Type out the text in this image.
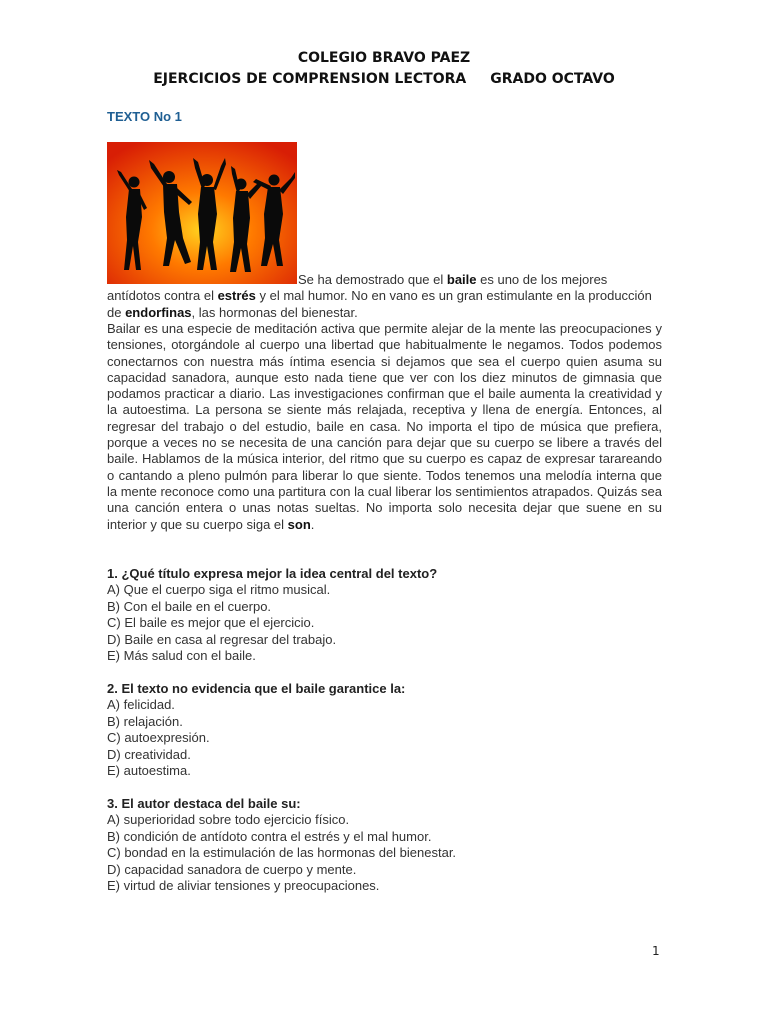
COLEGIO BRAVO PAEZ
EJERCICIOS DE COMPRENSION LECTORA GRADO OCTAVO
TEXTO No 1
Se ha demostrado que el baile es uno de los mejores antídotos contra el estrés y el mal humor. No en vano es un gran estimulante en la producción de endorfinas, las hormonas del bienestar.
Bailar es una especie de meditación activa que permite alejar de la mente las preocupaciones y tensiones, otorgándole al cuerpo una libertad que habitualmente le negamos. Todos podemos conectarnos con nuestra más íntima esencia si dejamos que sea el cuerpo quien asuma su capacidad sanadora, aunque esto nada tiene que ver con los diez minutos de gimnasia que podamos practicar a diario. Las investigaciones confirman que el baile aumenta la creatividad y la autoestima. La persona se siente más relajada, receptiva y llena de energía. Entonces, al regresar del trabajo o del estudio, baile en casa. No importa el tipo de música que prefiera, porque a veces no se necesita de una canción para dejar que su cuerpo se libere a través del baile. Hablamos de la música interior, del ritmo que su cuerpo es capaz de expresar tarareando o cantando a pleno pulmón para liberar lo que siente. Todos tenemos una melodía interna que la mente reconoce como una partitura con la cual liberar los sentimientos atrapados. Quizás sea una canción entera o unas notas sueltas. No importa solo necesita dejar que suene en su interior y que su cuerpo siga el son.
1. ¿Qué título expresa mejor la idea central del texto?
A) Que el cuerpo siga el ritmo musical.
B) Con el baile en el cuerpo.
C) El baile es mejor que el ejercicio.
D) Baile en casa al regresar del trabajo.
E) Más salud con el baile.
2. El texto no evidencia que el baile garantice la:
A) felicidad.
B) relajación.
C) autoexpresión.
D) creatividad.
E) autoestima.
3. El autor destaca del baile su:
A) superioridad sobre todo ejercicio físico.
B) condición de antídoto contra el estrés y el mal humor.
C) bondad en la estimulación de las hormonas del bienestar.
D) capacidad sanadora de cuerpo y mente.
E) virtud de aliviar tensiones y preocupaciones.
1
